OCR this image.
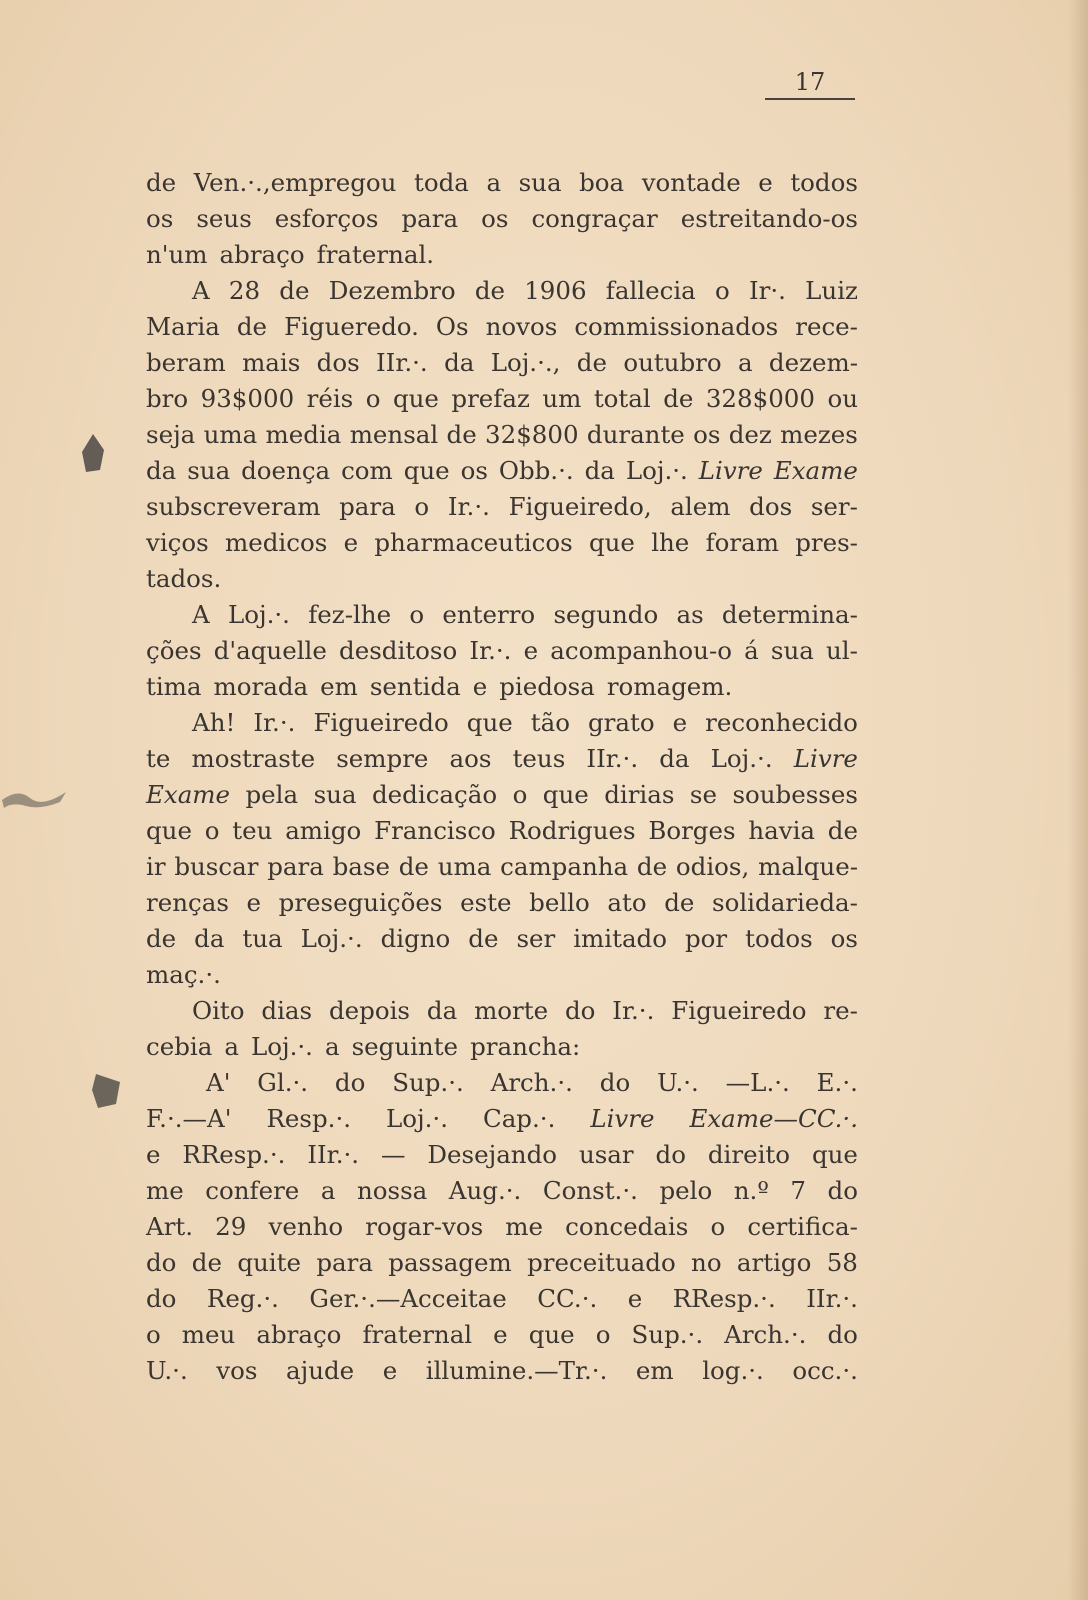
17
de Ven.·.,empregou toda a sua boa vontade e todos
os seus esforços para os congraçar estreitando-os
n'um abraço fraternal.
A 28 de Dezembro de 1906 fallecia o Ir·. Luiz
Maria de Figueredo. Os novos commissionados rece-
beram mais dos IIr.·. da Loj.·., de outubro a dezem-
bro 93$000 réis o que prefaz um total de 328$000 ou
seja uma media mensal de 32$800 durante os dez mezes
da sua doença com que os Obb.·. da Loj.·. Livre Exame
subscreveram para o Ir.·. Figueiredo, alem dos ser-
viços medicos e pharmaceuticos que lhe foram pres-
tados.
A Loj.·. fez-lhe o enterro segundo as determina-
ções d'aquelle desditoso Ir.·. e acompanhou-o á sua ul-
tima morada em sentida e piedosa romagem.
Ah! Ir.·. Figueiredo que tão grato e reconhecido
te mostraste sempre aos teus IIr.·. da Loj.·. Livre
Exame pela sua dedicação o que dirias se soubesses
que o teu amigo Francisco Rodrigues Borges havia de
ir buscar para base de uma campanha de odios, malque-
renças e preseguições este bello ato de solidarieda-
de da tua Loj.·. digno de ser imitado por todos os
maç.·.
Oito dias depois da morte do Ir.·. Figueiredo re-
cebia a Loj.·. a seguinte prancha:
A' Gl.·. do Sup.·. Arch.·. do U.·. —L.·. E.·.
F.·.—A' Resp.·. Loj.·. Cap.·. Livre Exame—CC.·.
e RResp.·. IIr.·. — Desejando usar do direito que
me confere a nossa Aug.·. Const.·. pelo n.º 7 do
Art. 29 venho rogar-vos me concedais o certifica-
do de quite para passagem preceituado no artigo 58
do Reg.·. Ger.·.—Acceitae CC.·. e RResp.·. IIr.·.
o meu abraço fraternal e que o Sup.·. Arch.·. do
U.·. vos ajude e illumine.—Tr.·. em log.·. occ.·.
